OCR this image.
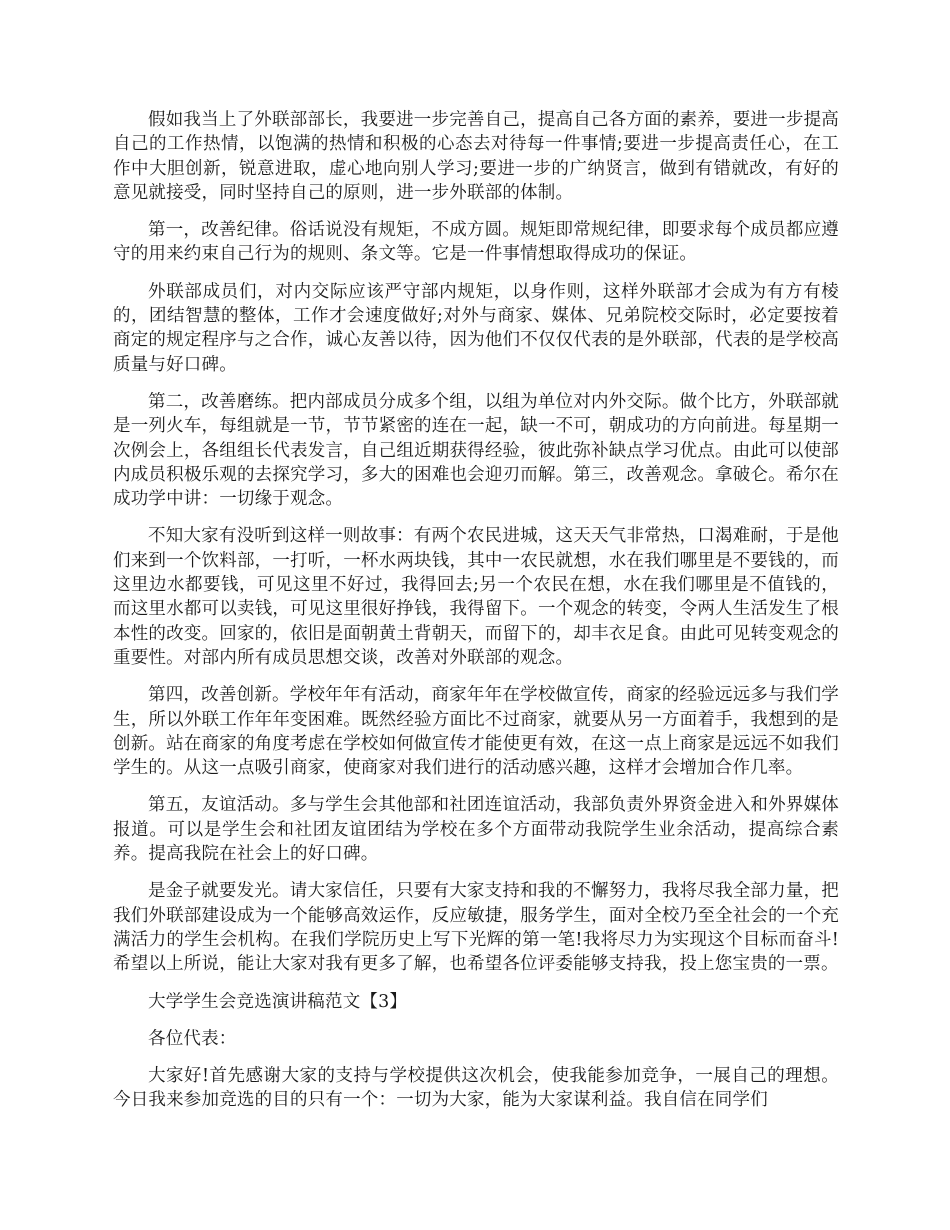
假如我当上了外联部部长，我要进一步完善自己，提高自己各方面的素养，要进一步提高自己的工作热情，以饱满的热情和积极的心态去对待每一件事情;要进一步提高责任心，在工作中大胆创新，锐意进取，虚心地向别人学习;要进一步的广纳贤言，做到有错就改，有好的意见就接受，同时坚持自己的原则，进一步外联部的体制。

第一，改善纪律。俗话说没有规矩，不成方圆。规矩即常规纪律，即要求每个成员都应遵守的用来约束自己行为的规则、条文等。它是一件事情想取得成功的保证。

外联部成员们，对内交际应该严守部内规矩，以身作则，这样外联部才会成为有方有棱的，团结智慧的整体，工作才会速度做好;对外与商家、媒体、兄弟院校交际时，必定要按着商定的规定程序与之合作，诚心友善以待，因为他们不仅仅代表的是外联部，代表的是学校高质量与好口碑。

第二，改善磨练。把内部成员分成多个组，以组为单位对内外交际。做个比方，外联部就是一列火车，每组就是一节，节节紧密的连在一起，缺一不可，朝成功的方向前进。每星期一次例会上，各组组长代表发言，自己组近期获得经验，彼此弥补缺点学习优点。由此可以使部内成员积极乐观的去探究学习，多大的困难也会迎刃而解。第三，改善观念。拿破仑。希尔在成功学中讲：一切缘于观念。

不知大家有没听到这样一则故事：有两个农民进城，这天天气非常热，口渴难耐，于是他们来到一个饮料部，一打听，一杯水两块钱，其中一农民就想，水在我们哪里是不要钱的，而这里边水都要钱，可见这里不好过，我得回去;另一个农民在想，水在我们哪里是不值钱的，而这里水都可以卖钱，可见这里很好挣钱，我得留下。一个观念的转变，令两人生活发生了根本性的改变。回家的，依旧是面朝黄土背朝天，而留下的，却丰衣足食。由此可见转变观念的重要性。对部内所有成员思想交谈，改善对外联部的观念。

第四，改善创新。学校年年有活动，商家年年在学校做宣传，商家的经验远远多与我们学生，所以外联工作年年变困难。既然经验方面比不过商家，就要从另一方面着手，我想到的是创新。站在商家的角度考虑在学校如何做宣传才能使更有效，在这一点上商家是远远不如我们学生的。从这一点吸引商家，使商家对我们进行的活动感兴趣，这样才会增加合作几率。

第五，友谊活动。多与学生会其他部和社团连谊活动，我部负责外界资金进入和外界媒体报道。可以是学生会和社团友谊团结为学校在多个方面带动我院学生业余活动，提高综合素养。提高我院在社会上的好口碑。

是金子就要发光。请大家信任，只要有大家支持和我的不懈努力，我将尽我全部力量，把我们外联部建设成为一个能够高效运作，反应敏捷，服务学生，面对全校乃至全社会的一个充满活力的学生会机构。在我们学院历史上写下光辉的第一笔!我将尽力为实现这个目标而奋斗!希望以上所说，能让大家对我有更多了解，也希望各位评委能够支持我，投上您宝贵的一票。

大学学生会竞选演讲稿范文【3】

各位代表：

大家好!首先感谢大家的支持与学校提供这次机会，使我能参加竞争，一展自己的理想。今日我来参加竞选的目的只有一个：一切为大家，能为大家谋利益。我自信在同学们
